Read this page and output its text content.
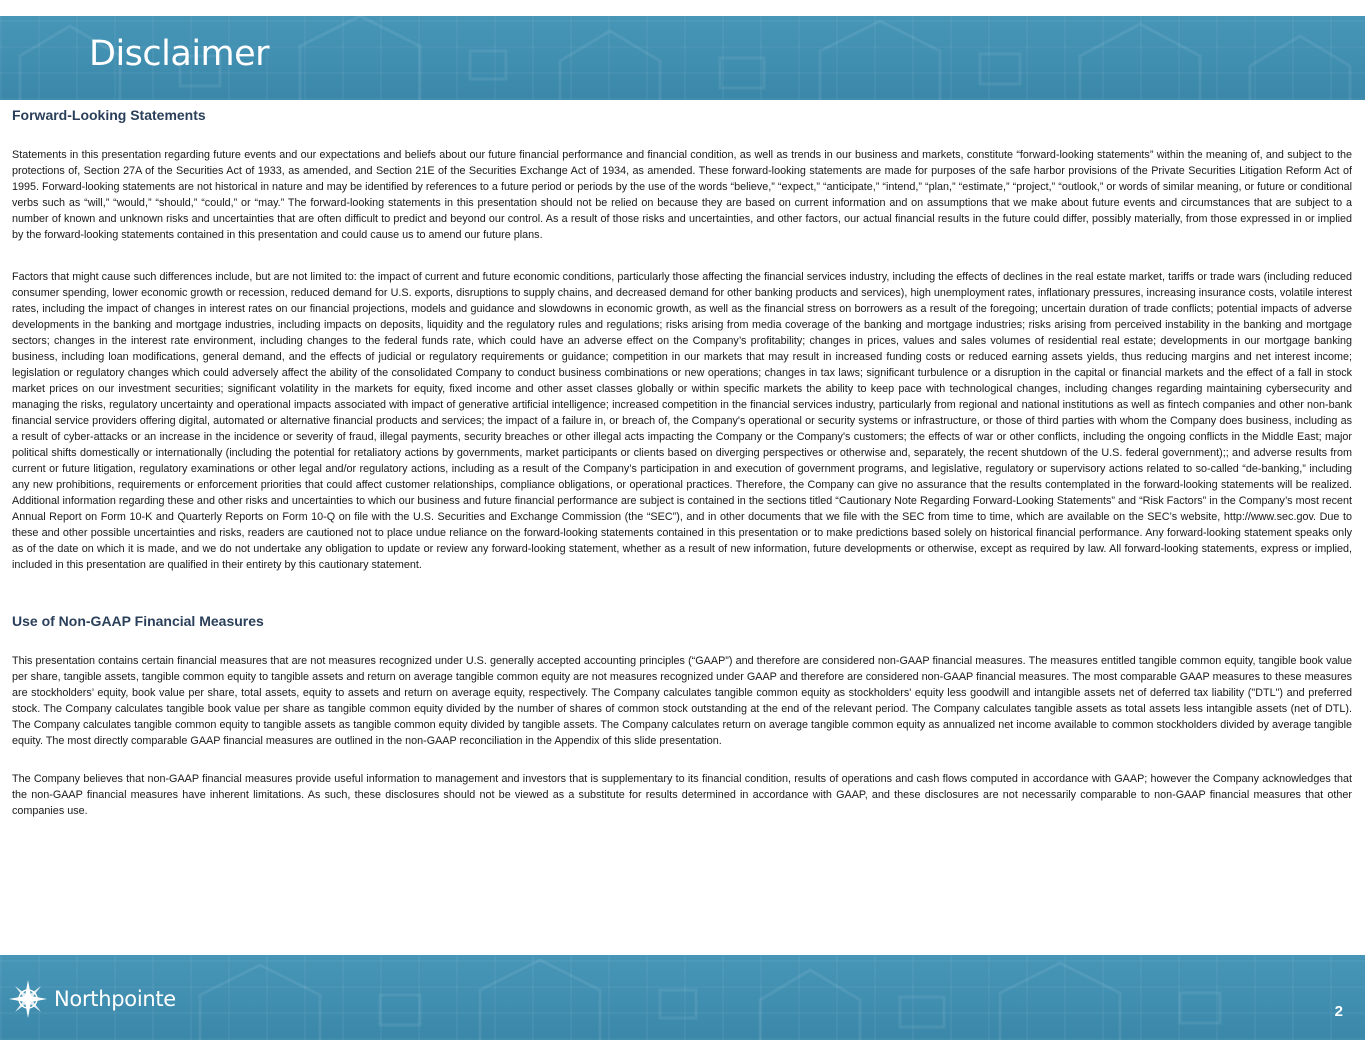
Disclaimer
Forward-Looking Statements

Statements in this presentation regarding future events and our expectations and beliefs about our future financial performance and financial condition, as well as trends in our business and markets, constitute “forward-looking statements” within the meaning of, and subject to the protections of, Section 27A of the Securities Act of 1933, as amended, and Section 21E of the Securities Exchange Act of 1934, as amended. These forward-looking statements are made for purposes of the safe harbor provisions of the Private Securities Litigation Reform Act of 1995. Forward-looking statements are not historical in nature and may be identified by references to a future period or periods by the use of the words “believe,” “expect,” “anticipate,” “intend,” “plan,” “estimate,” “project,” “outlook,” or words of similar meaning, or future or conditional verbs such as “will,” “would,” “should,” “could,” or “may.” The forward-looking statements in this presentation should not be relied on because they are based on current information and on assumptions that we make about future events and circumstances that are subject to a number of known and unknown risks and uncertainties that are often difficult to predict and beyond our control. As a result of those risks and uncertainties, and other factors, our actual financial results in the future could differ, possibly materially, from those expressed in or implied by the forward-looking statements contained in this presentation and could cause us to amend our future plans.

Factors that might cause such differences include, but are not limited to: the impact of current and future economic conditions, particularly those affecting the financial services industry, including the effects of declines in the real estate market, tariffs or trade wars (including reduced consumer spending, lower economic growth or recession, reduced demand for U.S. exports, disruptions to supply chains, and decreased demand for other banking products and services), high unemployment rates, inflationary pressures, increasing insurance costs, volatile interest rates, including the impact of changes in interest rates on our financial projections, models and guidance and slowdowns in economic growth, as well as the financial stress on borrowers as a result of the foregoing; uncertain duration of trade conflicts; potential impacts of adverse developments in the banking and mortgage industries, including impacts on deposits, liquidity and the regulatory rules and regulations; risks arising from media coverage of the banking and mortgage industries; risks arising from perceived instability in the banking and mortgage sectors; changes in the interest rate environment, including changes to the federal funds rate, which could have an adverse effect on the Company’s profitability; changes in prices, values and sales volumes of residential real estate; developments in our mortgage banking business, including loan modifications, general demand, and the effects of judicial or regulatory requirements or guidance; competition in our markets that may result in increased funding costs or reduced earning assets yields, thus reducing margins and net interest income; legislation or regulatory changes which could adversely affect the ability of the consolidated Company to conduct business combinations or new operations; changes in tax laws; significant turbulence or a disruption in the capital or financial markets and the effect of a fall in stock market prices on our investment securities; significant volatility in the markets for equity, fixed income and other asset classes globally or within specific markets the ability to keep pace with technological changes, including changes regarding maintaining cybersecurity and managing the risks, regulatory uncertainty and operational impacts associated with impact of generative artificial intelligence; increased competition in the financial services industry, particularly from regional and national institutions as well as fintech companies and other non-bank financial service providers offering digital, automated or alternative financial products and services; the impact of a failure in, or breach of, the Company's operational or security systems or infrastructure, or those of third parties with whom the Company does business, including as a result of cyber-attacks or an increase in the incidence or severity of fraud, illegal payments, security breaches or other illegal acts impacting the Company or the Company's customers; the effects of war or other conflicts, including the ongoing conflicts in the Middle East; major political shifts domestically or internationally (including the potential for retaliatory actions by governments, market participants or clients based on diverging perspectives or otherwise and, separately, the recent shutdown of the U.S. federal government);; and adverse results from current or future litigation, regulatory examinations or other legal and/or regulatory actions, including as a result of the Company’s participation in and execution of government programs, and legislative, regulatory or supervisory actions related to so-called “de-banking,” including any new prohibitions, requirements or enforcement priorities that could affect customer relationships, compliance obligations, or operational practices. Therefore, the Company can give no assurance that the results contemplated in the forward-looking statements will be realized. Additional information regarding these and other risks and uncertainties to which our business and future financial performance are subject is contained in the sections titled “Cautionary Note Regarding Forward-Looking Statements” and “Risk Factors” in the Company’s most recent Annual Report on Form 10-K and Quarterly Reports on Form 10-Q on file with the U.S. Securities and Exchange Commission (the “SEC”), and in other documents that we file with the SEC from time to time, which are available on the SEC’s website, http://www.sec.gov. Due to these and other possible uncertainties and risks, readers are cautioned not to place undue reliance on the forward-looking statements contained in this presentation or to make predictions based solely on historical financial performance. Any forward-looking statement speaks only as of the date on which it is made, and we do not undertake any obligation to update or review any forward-looking statement, whether as a result of new information, future developments or otherwise, except as required by law. All forward-looking statements, express or implied, included in this presentation are qualified in their entirety by this cautionary statement.

Use of Non-GAAP Financial Measures

This presentation contains certain financial measures that are not measures recognized under U.S. generally accepted accounting principles (“GAAP”) and therefore are considered non-GAAP financial measures. The measures entitled tangible common equity, tangible book value per share, tangible assets, tangible common equity to tangible assets and return on average tangible common equity are not measures recognized under GAAP and therefore are considered non-GAAP financial measures. The most comparable GAAP measures to these measures are stockholders’ equity, book value per share, total assets, equity to assets and return on average equity, respectively. The Company calculates tangible common equity as stockholders' equity less goodwill and intangible assets net of deferred tax liability ("DTL") and preferred stock. The Company calculates tangible book value per share as tangible common equity divided by the number of shares of common stock outstanding at the end of the relevant period. The Company calculates tangible assets as total assets less intangible assets (net of DTL). The Company calculates tangible common equity to tangible assets as tangible common equity divided by tangible assets. The Company calculates return on average tangible common equity as annualized net income available to common stockholders divided by average tangible equity. The most directly comparable GAAP financial measures are outlined in the non-GAAP reconciliation in the Appendix of this slide presentation.

The Company believes that non-GAAP financial measures provide useful information to management and investors that is supplementary to its financial condition, results of operations and cash flows computed in accordance with GAAP; however the Company acknowledges that the non-GAAP financial measures have inherent limitations. As such, these disclosures should not be viewed as a substitute for results determined in accordance with GAAP, and these disclosures are not necessarily comparable to non-GAAP financial measures that other companies use.

Northpointe
2
